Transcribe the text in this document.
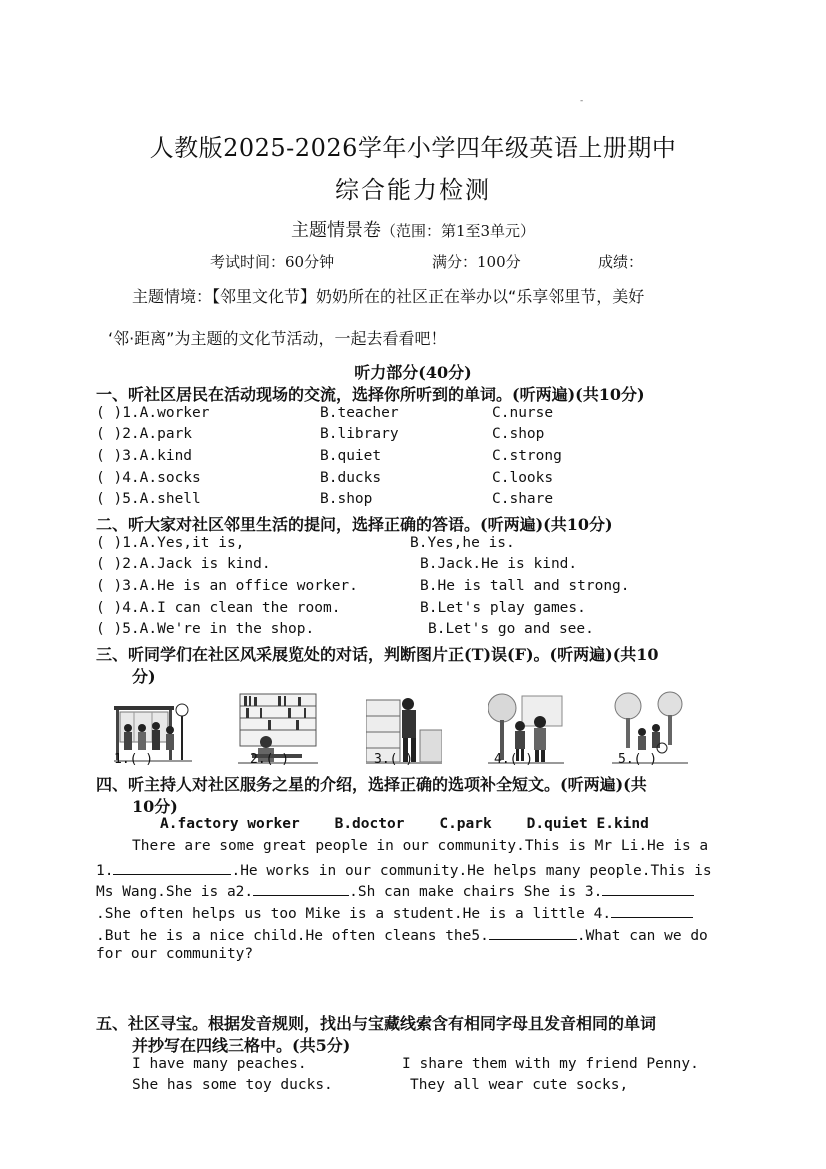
-
人教版2025-2026学年小学四年级英语上册期中
综合能力检测
主题情景卷（范围：第1至3单元）
考试时间：60分钟	满分：100分	成绩：
主题情境：【邻里文化节】奶奶所在的社区正在举办以“乐享邻里节，美好
‘邻·距离”为主题的文化节活动，一起去看看吧！
听力部分(40分)
一、听社区居民在活动现场的交流，选择你所听到的单词。(听两遍)(共10分)
( )1.A.worker	B.teacher	C.nurse
( )2.A.park	B.library	C.shop
( )3.A.kind	B.quiet	C.strong
( )4.A.socks	B.ducks	C.looks
( )5.A.shell	B.shop	C.share
二、听大家对社区邻里生活的提问，选择正确的答语。(听两遍)(共10分)
( )1.A.Yes,it is,	B.Yes,he is.
( )2.A.Jack is kind.	B.Jack.He is kind.
( )3.A.He is an office worker.	B.He is tall and strong.
( )4.A.I can clean the room.	B.Let's play games.
( )5.A.We're in the shop.	B.Let's go and see.
三、听同学们在社区风采展览处的对话，判断图片正(T)误(F)。(听两遍)(共10
分)
1.( )	2.( )	3.( )	4.( )	5.( )
四、听主持人对社区服务之星的介绍，选择正确的选项补全短文。(听两遍)(共
10分)
A.factory worker    B.doctor    C.park    D.quiet E.kind
There are some great people in our community.This is Mr Li.He is a
1.	.He works in our community.He helps many people.This is
Ms Wang.She is a2.	.Sh can make chairs She is 3.
.She often helps us too Mike is a student.He is a little 4.
.But he is a nice child.He often cleans the5.	.What can we do
for our community?
五、社区寻宝。根据发音规则，找出与宝藏线索含有相同字母且发音相同的单词
并抄写在四线三格中。(共5分)
I have many peaches.	I share them with my friend Penny.
She has some toy ducks.	They all wear cute socks,
